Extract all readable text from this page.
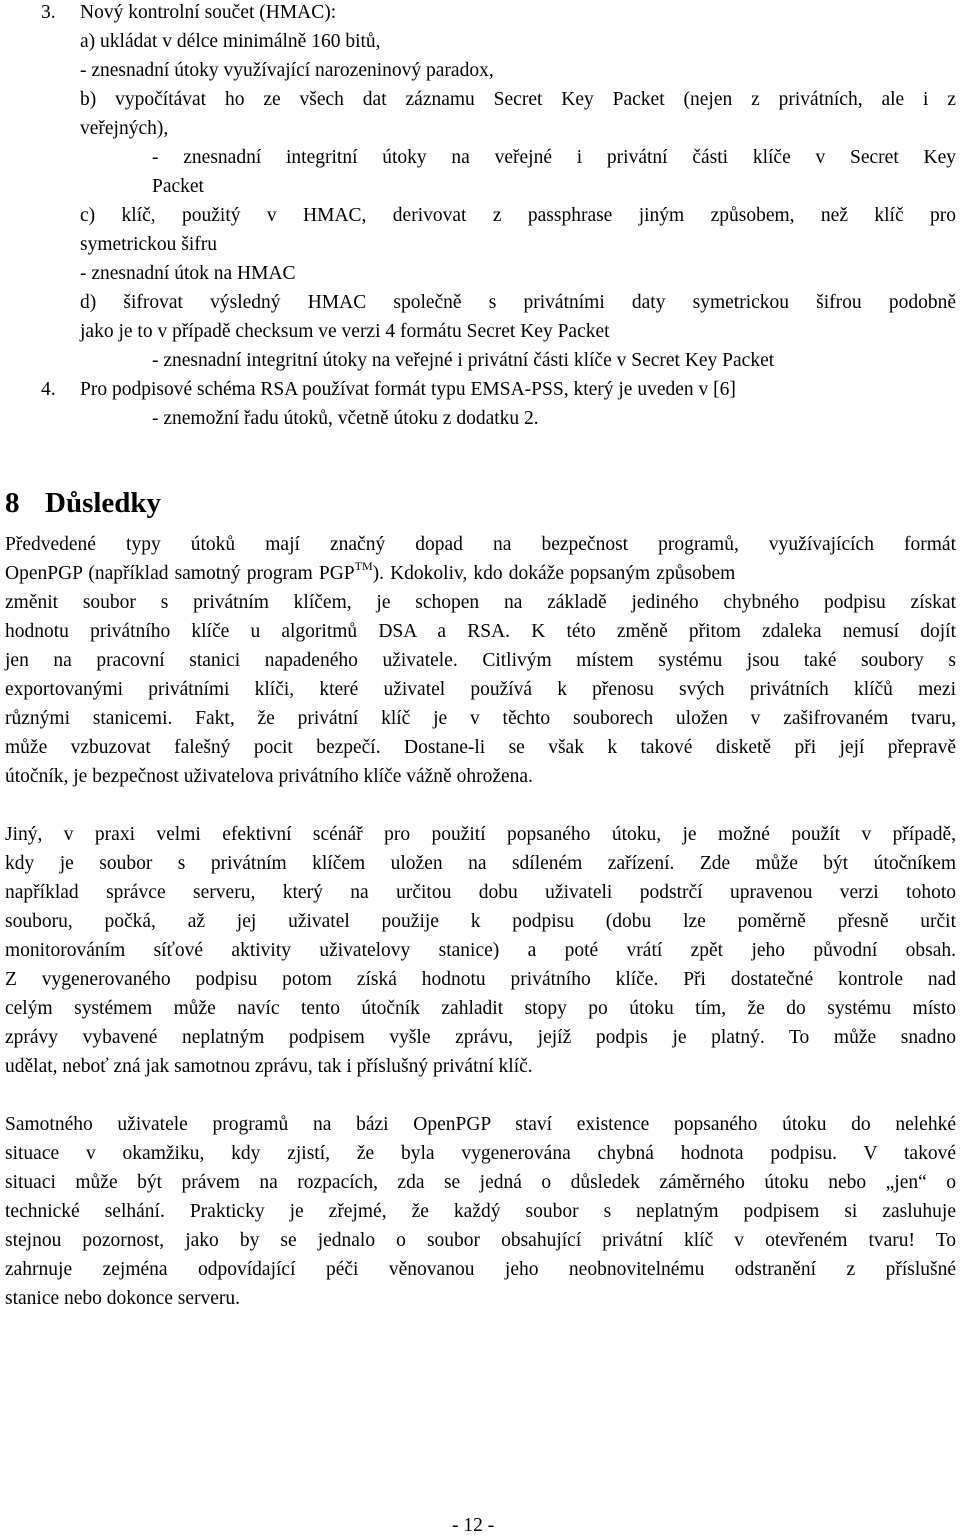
3. Nový kontrolní součet (HMAC):
a) ukládat v délce minimálně 160 bitů,
- znesnadní útoky využívající narozeninový paradox,
b) vypočítávat ho ze všech dat záznamu Secret Key Packet (nejen z privátních, ale i z
veřejných),
- znesnadní integritní útoky na veřejné i privátní části klíče v Secret Key
Packet
c) klíč, použitý v HMAC, derivovat z passphrase jiným způsobem, než klíč pro
symetrickou šifru
- znesnadní útok na HMAC
d) šifrovat výsledný HMAC společně s privátními daty symetrickou šifrou podobně
jako je to v případě checksum ve verzi 4 formátu Secret Key Packet
- znesnadní integritní útoky na veřejné i privátní části klíče v Secret Key Packet
4. Pro podpisové schéma RSA používat formát typu EMSA-PSS, který je uveden v [6]
- znemožní řadu útoků, včetně útoku z dodatku 2.
8 Důsledky
Předvedené typy útoků mají značný dopad na bezpečnost programů, využívajících formát
OpenPGP (například samotný program PGP™). Kdokoliv, kdo dokáže popsaným způsobem
změnit soubor s privátním klíčem, je schopen na základě jediného chybného podpisu získat
hodnotu privátního klíče u algoritmů DSA a RSA. K této změně přitom zdaleka nemusí dojít
jen na pracovní stanici napadeného uživatele. Citlivým místem systému jsou také soubory s
exportovanými privátními klíči, které uživatel používá k přenosu svých privátních klíčů mezi
různými stanicemi. Fakt, že privátní klíč je v těchto souborech uložen v zašifrovaném tvaru,
může vzbuzovat falešný pocit bezpečí. Dostane-li se však k takové disketě při její přepravě
útočník, je bezpečnost uživatelova privátního klíče vážně ohrožena.
Jiný, v praxi velmi efektivní scénář pro použití popsaného útoku, je možné použít v případě,
kdy je soubor s privátním klíčem uložen na sdíleném zařízení. Zde může být útočníkem
například správce serveru, který na určitou dobu uživateli podstrčí upravenou verzi tohoto
souboru, počká, až jej uživatel použije k podpisu (dobu lze poměrně přesně určit
monitorováním síťové aktivity uživatelovy stanice) a poté vrátí zpět jeho původní obsah.
Z vygenerovaného podpisu potom získá hodnotu privátního klíče. Při dostatečné kontrole nad
celým systémem může navíc tento útočník zahladit stopy po útoku tím, že do systému místo
zprávy vybavené neplatným podpisem vyšle zprávu, jejíž podpis je platný. To může snadno
udělat, neboť zná jak samotnou zprávu, tak i příslušný privátní klíč.
Samotného uživatele programů na bázi OpenPGP staví existence popsaného útoku do nelehké
situace v okamžiku, kdy zjistí, že byla vygenerována chybná hodnota podpisu. V takové
situaci může být právem na rozpacích, zda se jedná o důsledek záměrného útoku nebo „jen“ o
technické selhání. Prakticky je zřejmé, že každý soubor s neplatným podpisem si zasluhuje
stejnou pozornost, jako by se jednalo o soubor obsahující privátní klíč v otevřeném tvaru! To
zahrnuje zejména odpovídající péči věnovanou jeho neobnovitelnému odstranění z příslušné
stanice nebo dokonce serveru.
- 12 -
